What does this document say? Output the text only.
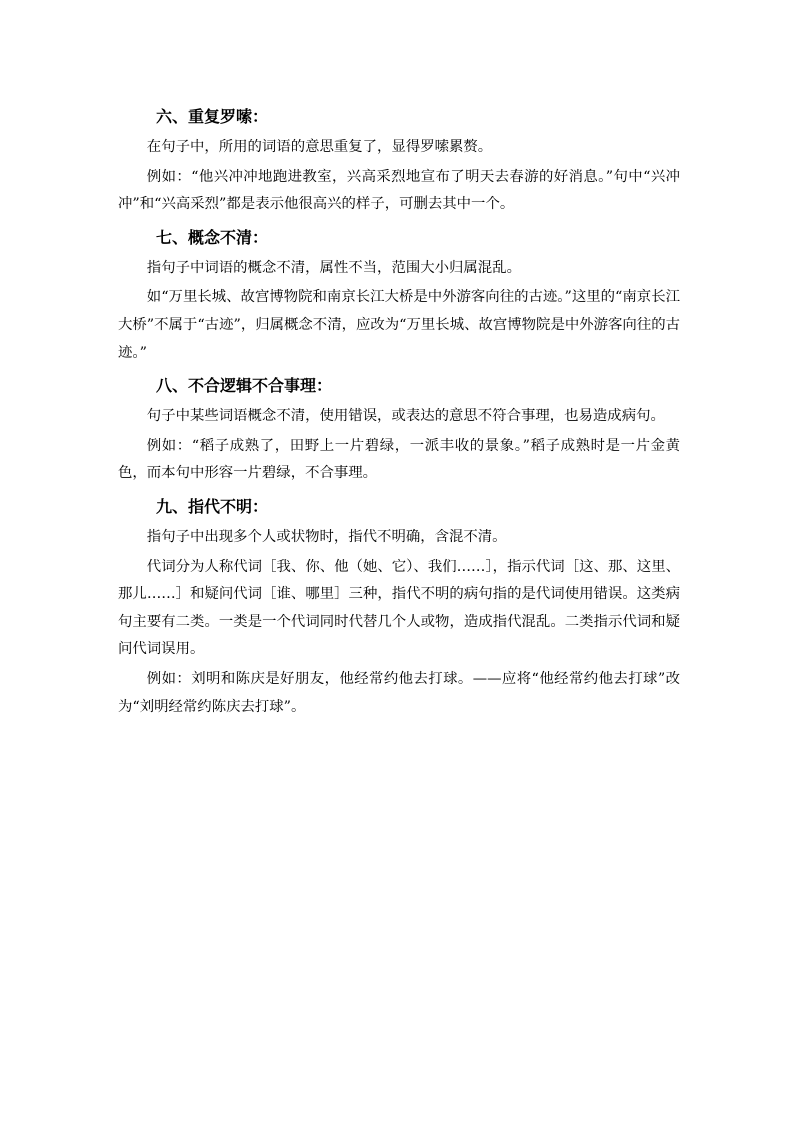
六、重复罗嗦：

在句子中，所用的词语的意思重复了，显得罗嗦累赘。

例如：“他兴冲冲地跑进教室，兴高采烈地宣布了明天去春游的好消息。”句中“兴冲冲”和“兴高采烈”都是表示他很高兴的样子，可删去其中一个。

七、概念不清：

指句子中词语的概念不清，属性不当，范围大小归属混乱。

如“万里长城、故宫博物院和南京长江大桥是中外游客向往的古迹。”这里的“南京长江大桥”不属于“古迹”，归属概念不清，应改为“万里长城、故宫博物院是中外游客向往的古迹。”

八、不合逻辑不合事理：

句子中某些词语概念不清，使用错误，或表达的意思不符合事理，也易造成病句。

例如：“稻子成熟了，田野上一片碧绿，一派丰收的景象。”稻子成熟时是一片金黄色，而本句中形容一片碧绿，不合事理。

九、指代不明：

指句子中出现多个人或状物时，指代不明确，含混不清。

代词分为人称代词［我、你、他（她、它）、我们……］，指示代词［这、那、这里、那儿……］和疑问代词［谁、哪里］三种，指代不明的病句指的是代词使用错误。这类病句主要有二类。一类是一个代词同时代替几个人或物，造成指代混乱。二类指示代词和疑问代词误用。

例如：刘明和陈庆是好朋友，他经常约他去打球。——应将“他经常约他去打球”改为“刘明经常约陈庆去打球”。
